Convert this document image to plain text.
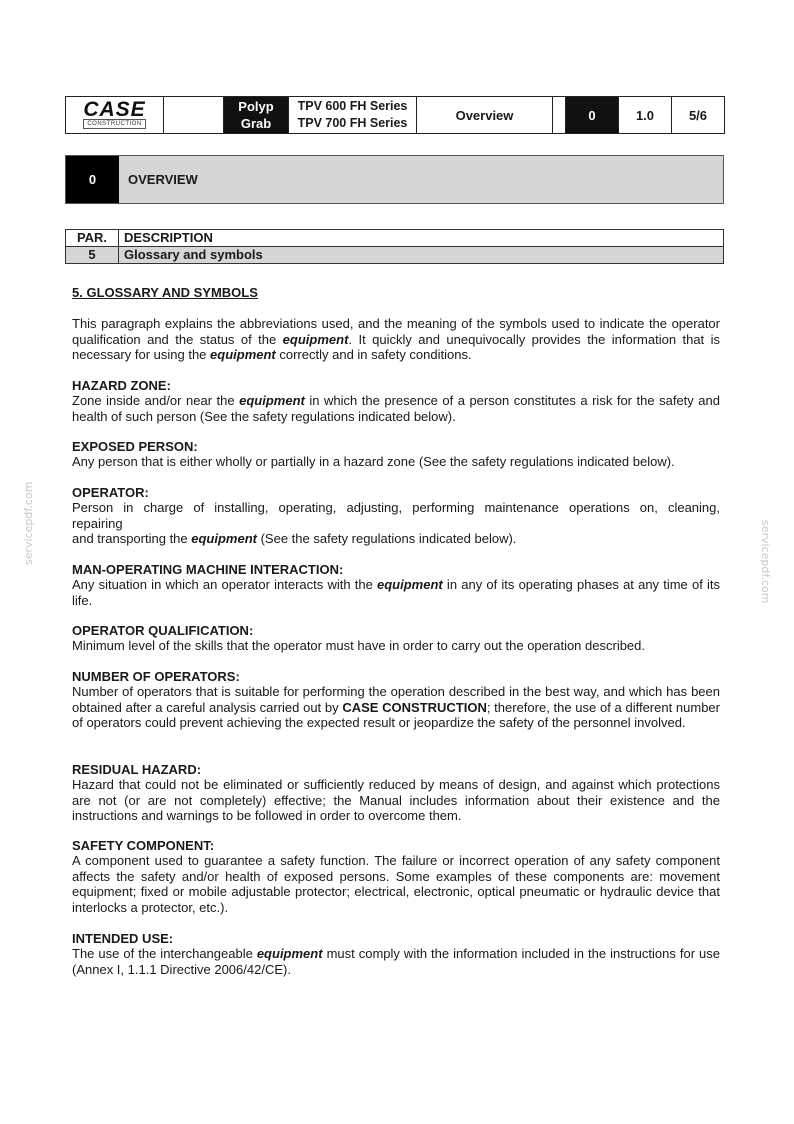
CASE
CONSTRUCTION
Polyp
Grab
TPV 600 FH Series
TPV 700 FH Series
Overview	0	1.0	5/6
0	OVERVIEW
PAR.	DESCRIPTION
5	Glossary and symbols
5. GLOSSARY AND SYMBOLS
This paragraph explains the abbreviations used, and the meaning of the symbols used to indicate the operator qualification and the status of the equipment. It quickly and unequivocally provides the information that is necessary for using the equipment correctly and in safety conditions.
HAZARD ZONE:
Zone inside and/or near the equipment in which the presence of a person constitutes a risk for the safety and health of such person (See the safety regulations indicated below).
EXPOSED PERSON:
Any person that is either wholly or partially in a hazard zone (See the safety regulations indicated below).
OPERATOR:
Person in charge of installing, operating, adjusting, performing maintenance operations on, cleaning,
repairing
and transporting the equipment (See the safety regulations indicated below).
MAN-OPERATING MACHINE INTERACTION:
Any situation in which an operator interacts with the equipment in any of its operating phases at any time of its life.
OPERATOR QUALIFICATION:
Minimum level of the skills that the operator must have in order to carry out the operation described.
NUMBER OF OPERATORS:
Number of operators that is suitable for performing the operation described in the best way, and which has been obtained after a careful analysis carried out by CASE CONSTRUCTION; therefore, the use of a different number of operators could prevent achieving the expected result or jeopardize the safety of the personnel involved.
RESIDUAL HAZARD:
Hazard that could not be eliminated or sufficiently reduced by means of design, and against which protections are not (or are not completely) effective; the Manual includes information about their existence and the instructions and warnings to be followed in order to overcome them.
SAFETY COMPONENT:
A component used to guarantee a safety function. The failure or incorrect operation of any safety component affects the safety and/or health of exposed persons. Some examples of these components are: movement equipment; fixed or mobile adjustable protector; electrical, electronic, optical pneumatic or hydraulic device that interlocks a protector, etc.).
INTENDED USE:
The use of the interchangeable equipment must comply with the information included in the instructions for use (Annex I, 1.1.1 Directive 2006/42/CE).
servicepdf.com	servicepdf.com
